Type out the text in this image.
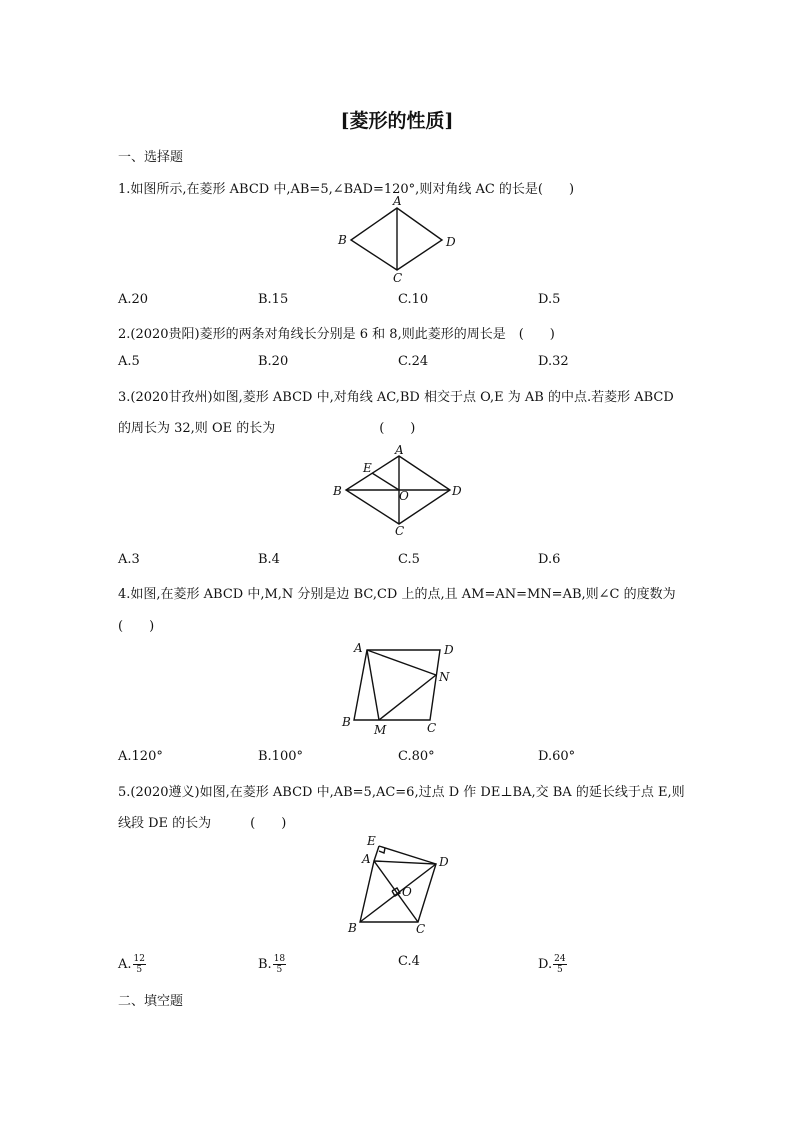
[菱形的性质]
一、选择题
1.如图所示,在菱形 ABCD 中,AB=5,∠BAD=120°,则对角线 AC 的长是(　　)
A
B
C
D
A.20	B.15	C.10	D.5
2.(2020贵阳)菱形的两条对角线长分别是 6 和 8,则此菱形的周长是　(　　)
A.5	B.20	C.24	D.32
3.(2020甘孜州)如图,菱形 ABCD 中,对角线 AC,BD 相交于点 O,E 为 AB 的中点.若菱形 ABCD
的周长为 32,则 OE 的长为　　　　　　　　(　　)
E
A
B	O	D
C
A.3	B.4	C.5	D.6
4.如图,在菱形 ABCD 中,M,N 分别是边 BC,CD 上的点,且 AM=AN=MN=AB,则∠C 的度数为
(　　)
A	D
N
B
M	C
A.120°	B.100°	C.80°	D.60°
5.(2020遵义)如图,在菱形 ABCD 中,AB=5,AC=6,过点 D 作 DE⊥BA,交 BA 的延长线于点 E,则
线段 DE 的长为　　　(　　)
E
A	D
O
B	C
A. $\frac{12}{5}$	B. $\frac{18}{5}$	C.4	D. $\frac{24}{5}$
二、填空题
